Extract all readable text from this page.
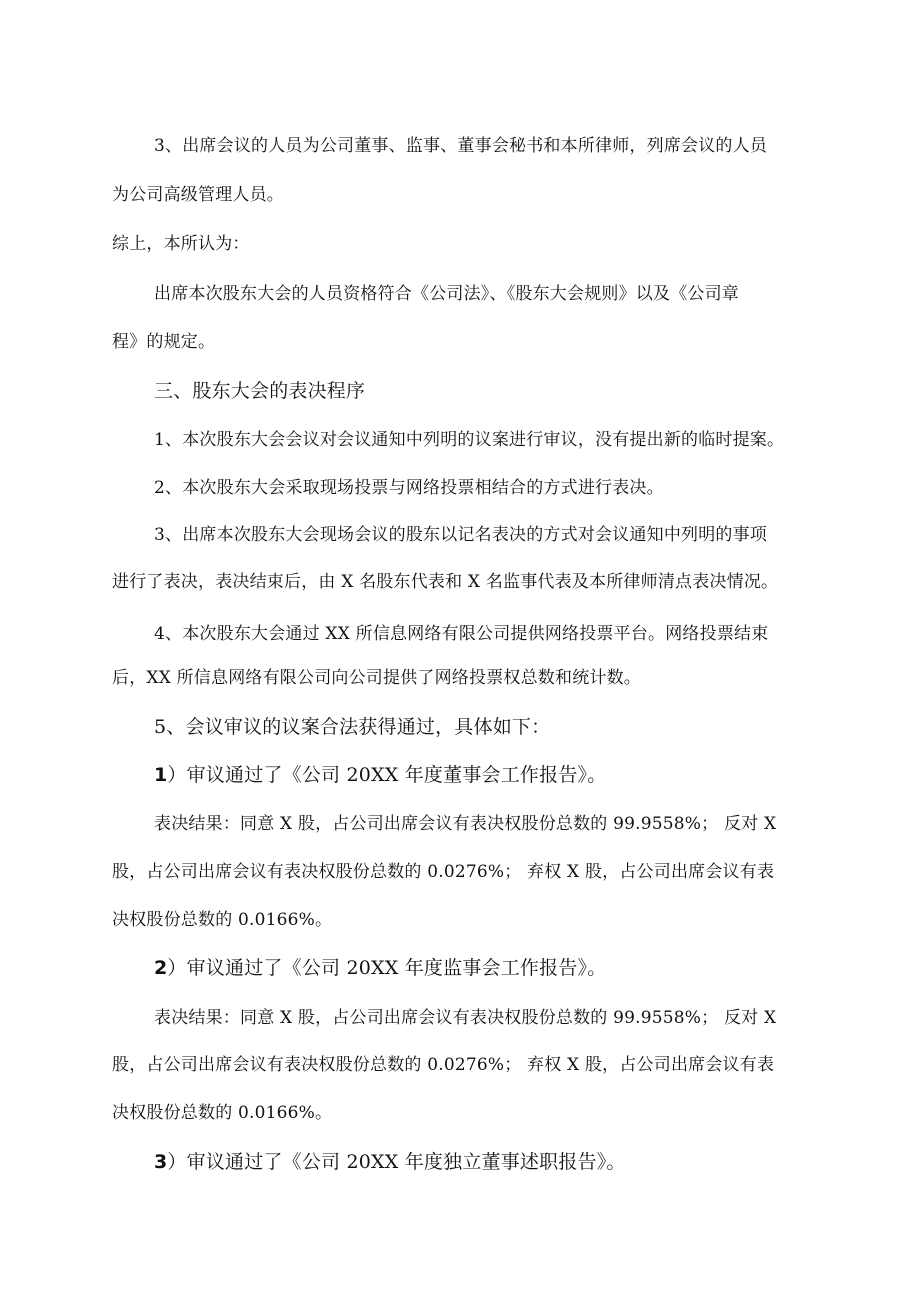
3、出席会议的人员为公司董事、监事、董事会秘书和本所律师，列席会议的人员
为公司高级管理人员。
综上，本所认为：
出席本次股东大会的人员资格符合《公司法》、《股东大会规则》以及《公司章
程》的规定。
三、股东大会的表决程序
1、本次股东大会会议对会议通知中列明的议案进行审议，没有提出新的临时提案。
2、本次股东大会采取现场投票与网络投票相结合的方式进行表决。
3、出席本次股东大会现场会议的股东以记名表决的方式对会议通知中列明的事项
进行了表决，表决结束后，由 X 名股东代表和 X 名监事代表及本所律师清点表决情况。
4、本次股东大会通过 XX 所信息网络有限公司提供网络投票平台。网络投票结束
后，XX 所信息网络有限公司向公司提供了网络投票权总数和统计数。
5、会议审议的议案合法获得通过，具体如下：
1）审议通过了《公司 20XX 年度董事会工作报告》。
表决结果：同意 X 股，占公司出席会议有表决权股份总数的 99.9558%； 反对 X
股，占公司出席会议有表决权股份总数的 0.0276%； 弃权 X 股，占公司出席会议有表
决权股份总数的 0.0166%。
2）审议通过了《公司 20XX 年度监事会工作报告》。
表决结果：同意 X 股，占公司出席会议有表决权股份总数的 99.9558%； 反对 X
股，占公司出席会议有表决权股份总数的 0.0276%； 弃权 X 股，占公司出席会议有表
决权股份总数的 0.0166%。
3）审议通过了《公司 20XX 年度独立董事述职报告》。
